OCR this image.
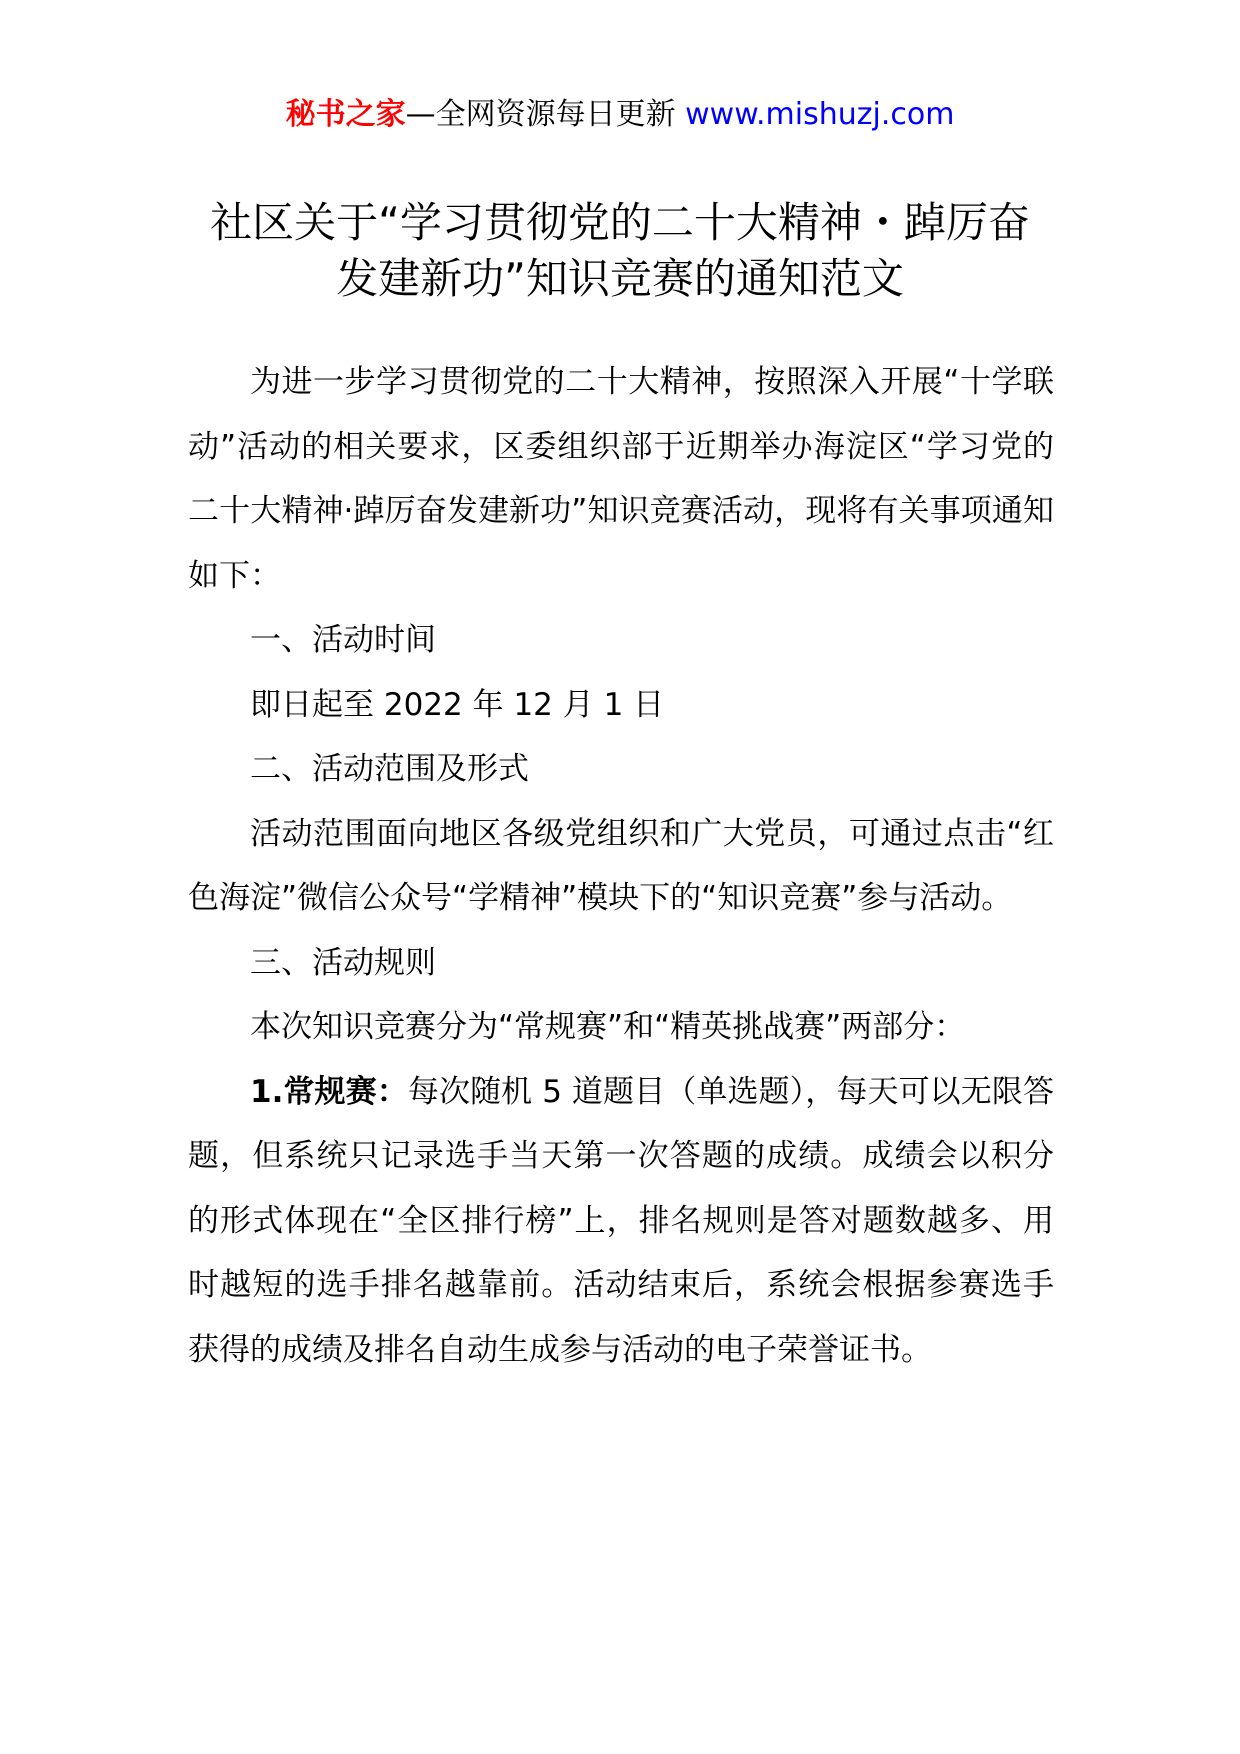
秘书之家—全网资源每日更新 www.mishuzj.com
社区关于“学习贯彻党的二十大精神・踔厉奋发建新功”知识竞赛的通知范文

为进一步学习贯彻党的二十大精神，按照深入开展“十学联动”活动的相关要求，区委组织部于近期举办海淀区“学习党的二十大精神·踔厉奋发建新功”知识竞赛活动，现将有关事项通知如下：

一、活动时间

即日起至 2022 年 12 月 1 日

二、活动范围及形式

活动范围面向地区各级党组织和广大党员，可通过点击“红色海淀”微信公众号“学精神”模块下的“知识竞赛”参与活动。

三、活动规则

本次知识竞赛分为“常规赛”和“精英挑战赛”两部分：

1.常规赛：每次随机 5 道题目（单选题），每天可以无限答题，但系统只记录选手当天第一次答题的成绩。成绩会以积分的形式体现在“全区排行榜”上，排名规则是答对题数越多、用时越短的选手排名越靠前。活动结束后，系统会根据参赛选手获得的成绩及排名自动生成参与活动的电子荣誉证书。
